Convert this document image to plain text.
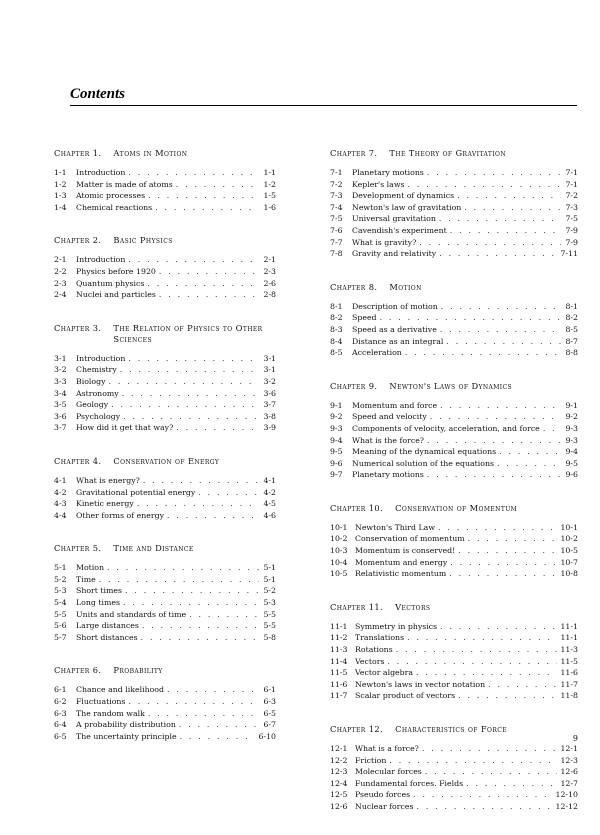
Contents
Chapter 1. Atoms in Motion
1-1	Introduction . . .	1-1
1-2	Matter is made of atoms . . .	1-2
1-3	Atomic processes . . .	1-5
1-4	Chemical reactions . . .	1-6
Chapter 2. Basic Physics
2-1	Introduction . . .	2-1
2-2	Physics before 1920 . . .	2-3
2-3	Quantum physics . . .	2-6
2-4	Nuclei and particles . . .	2-8
Chapter 3. The Relation of Physics to Other Sciences
3-1	Introduction . . .	3-1
3-2	Chemistry . . .	3-1
3-3	Biology . . .	3-2
3-4	Astronomy . . .	3-6
3-5	Geology . . .	3-7
3-6	Psychology . . .	3-8
3-7	How did it get that way? . . .	3-9
Chapter 4. Conservation of Energy
4-1	What is energy? . . .	4-1
4-2	Gravitational potential energy . . .	4-2
4-3	Kinetic energy . . .	4-5
4-4	Other forms of energy . . .	4-6
Chapter 5. Time and Distance
5-1	Motion . . .	5-1
5-2	Time . . .	5-1
5-3	Short times . . .	5-2
5-4	Long times . . .	5-3
5-5	Units and standards of time . . .	5-5
5-6	Large distances . . .	5-5
5-7	Short distances . . .	5-8
Chapter 6. Probability
6-1	Chance and likelihood . . .	6-1
6-2	Fluctuations . . .	6-3
6-3	The random walk . . .	6-5
6-4	A probability distribution . . .	6-7
6-5	The uncertainty principle . . .	6-10
Chapter 7. The Theory of Gravitation
7-1	Planetary motions . . .	7-1
7-2	Kepler's laws . . .	7-1
7-3	Development of dynamics . . .	7-2
7-4	Newton's law of gravitation . . .	7-3
7-5	Universal gravitation . . .	7-5
7-6	Cavendish's experiment . . .	7-9
7-7	What is gravity? . . .	7-9
7-8	Gravity and relativity . . .	7-11
Chapter 8. Motion
8-1	Description of motion . . .	8-1
8-2	Speed . . .	8-2
8-3	Speed as a derivative . . .	8-5
8-4	Distance as an integral . . .	8-7
8-5	Acceleration . . .	8-8
Chapter 9. Newton's Laws of Dynamics
9-1	Momentum and force . . .	9-1
9-2	Speed and velocity . . .	9-2
9-3	Components of velocity, acceleration, and force . . .	9-3
9-4	What is the force? . . .	9-3
9-5	Meaning of the dynamical equations . . .	9-4
9-6	Numerical solution of the equations . . .	9-5
9-7	Planetary motions . . .	9-6
Chapter 10. Conservation of Momentum
10-1 Newton's Third Law . . .	10-1
10-2 Conservation of momentum . . .	10-2
10-3 Momentum is conserved! . . .	10-5
10-4 Momentum and energy . . .	10-7
10-5 Relativistic momentum . . .	10-8
Chapter 11. Vectors
11-1 Symmetry in physics . . .	11-1
11-2 Translations . . .	11-1
11-3 Rotations . . .	11-3
11-4 Vectors . . .	11-5
11-5 Vector algebra . . .	11-6
11-6 Newton's laws in vector notation . . .	11-7
11-7 Scalar product of vectors . . .	11-8
Chapter 12. Characteristics of Force
12-1 What is a force? . . .	12-1
12-2 Friction . . .	12-3
12-3 Molecular forces . . .	12-6
12-4 Fundamental forces. Fields . . .	12-7
12-5 Pseudo forces . . .	12-10
12-6 Nuclear forces . . .	12-12
9
